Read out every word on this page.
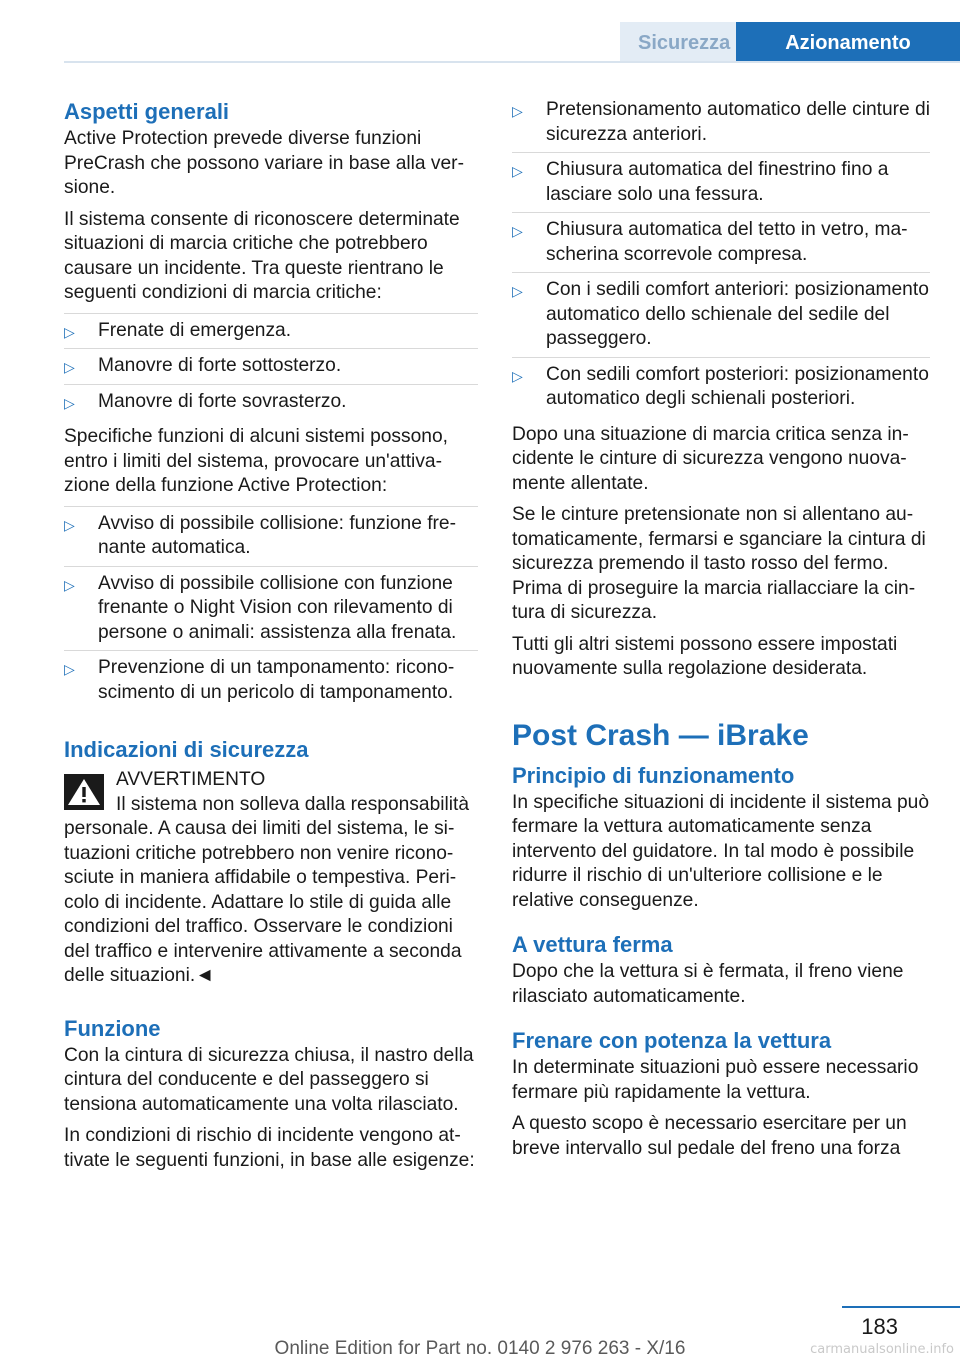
Sicurezza	Azionamento
Aspetti generali

Active Protection prevede diverse funzioni PreCrash che possono variare in base alla versione.

Il sistema consente di riconoscere determinate situazioni di marcia critiche che potrebbero causare un incidente. Tra queste rientrano le seguenti condizioni di marcia critiche:

▷ Frenate di emergenza.
▷ Manovre di forte sottosterzo.
▷ Manovre di forte sovrasterzo.

Specifiche funzioni di alcuni sistemi possono, entro i limiti del sistema, provocare un'attivazione della funzione Active Protection:

▷ Avviso di possibile collisione: funzione frenante automatica.
▷ Avviso di possibile collisione con funzione frenante o Night Vision con rilevamento di persone o animali: assistenza alla frenata.
▷ Prevenzione di un tamponamento: riconoscimento di un pericolo di tamponamento.
Indicazioni di sicurezza

AVVERTIMENTO

Il sistema non solleva dalla responsabilità

personale. A causa dei limiti del sistema, le situazioni critiche potrebbero non venire riconosciute in maniera affidabile o tempestiva. Pericolo di incidente. Adattare lo stile di guida alle condizioni del traffico. Osservare le condizioni del traffico e intervenire attivamente a seconda delle situazioni.◄

Funzione

Con la cintura di sicurezza chiusa, il nastro della cintura del conducente e del passeggero si tensiona automaticamente una volta rilasciato.

In condizioni di rischio di incidente vengono attivate le seguenti funzioni, in base alle esigenze:

▷ Pretensionamento automatico delle cinture di sicurezza anteriori.
▷ Chiusura automatica del finestrino fino a lasciare solo una fessura.
▷ Chiusura automatica del tetto in vetro, mascherina scorrevole compresa.
▷ Con i sedili comfort anteriori: posizionamento automatico dello schienale del sedile del passeggero.
▷ Con sedili comfort posteriori: posizionamento automatico degli schienali posteriori.

Dopo una situazione di marcia critica senza incidente le cinture di sicurezza vengono nuovamente allentate.

Se le cinture pretensionate non si allentano automaticamente, fermarsi e sganciare la cintura di sicurezza premendo il tasto rosso del fermo. Prima di proseguire la marcia riallacciare la cintura di sicurezza.

Tutti gli altri sistemi possono essere impostati nuovamente sulla regolazione desiderata.

Post Crash — iBrake
Principio di funzionamento

In specifiche situazioni di incidente il sistema può fermare la vettura automaticamente senza intervento del guidatore. In tal modo è possibile ridurre il rischio di un'ulteriore collisione e le relative conseguenze.

A vettura ferma

Dopo che la vettura si è fermata, il freno viene rilasciato automaticamente.

Frenare con potenza la vettura

In determinate situazioni può essere necessario fermare più rapidamente la vettura.

A questo scopo è necessario esercitare per un breve intervallo sul pedale del freno una forza

183
Online Edition for Part no. 0140 2 976 263 - X/16	carmanualsonline.info
